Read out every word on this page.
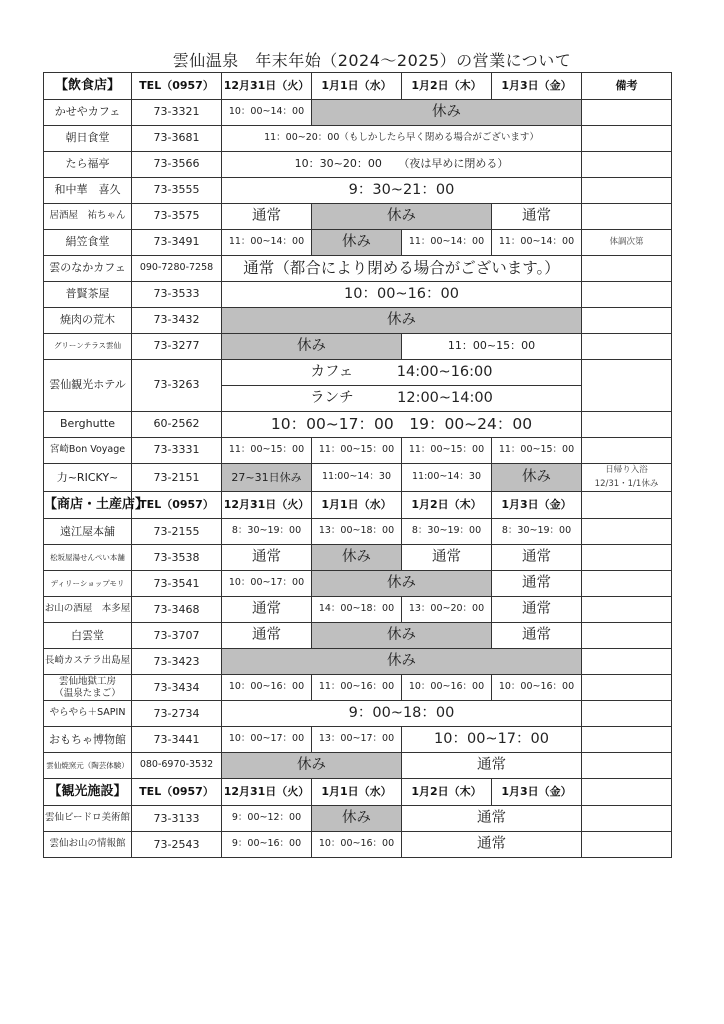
雲仙温泉　年末年始（2024～2025）の営業について
【飲食店】	TEL（0957）	12月31日（火）	1月1日（水）	1月2日（木）	1月3日（金）	備考
かせやカフェ	73-3321	10：00~14：00	休み			
朝日食堂	73-3681	11：00~20：00（もしかしたら早く閉める場合がございます）				
たら福亭	73-3566	10：30~20：00　　（夜は早めに閉める）				
和中華　喜久	73-3555	9：30~21：00				
居酒屋　祐ちゃん	73-3575	通常	休み		通常	
絹笠食堂	73-3491	11：00~14：00	休み	11：00~14：00	11：00~14：00	体調次第
雲のなかカフェ	090-7280-7258	通常（都合により閉める場合がございます。）				
普賢茶屋	73-3533	10：00~16：00				
焼肉の荒木	73-3432	休み				
グリーンテラス雲仙	73-3277	休み		11：00~15：00		
雲仙観光ホテル	73-3263	カフェ　　　14:00~16:00				
		ランチ　　　12:00~14:00				
Berghutte	60-2562	10：00~17：00　19：00~24：00				
宮崎Bon Voyage	73-3331	11：00~15：00	11：00~15：00	11：00~15：00	11：00~15：00	
力~RICKY~	73-2151	27~31日休み	11:00~14：30	11:00~14：30	休み	日帰り入浴
12/31・1/1休み
【商店・土産店】	TEL（0957）	12月31日（火）	1月1日（水）	1月2日（木）	1月3日（金）	
遠江屋本舗	73-2155	8：30~19：00	13：00~18：00	8：30~19：00	8：30~19：00	
松坂屋湯せんぺい本舗	73-3538	通常	休み	通常	通常	
ディリーショップモリ	73-3541	10：00~17：00	休み		通常	
お山の酒屋　本多屋	73-3468	通常	14：00~18：00	13：00~20：00	通常	
白雲堂	73-3707	通常	休み		通常	
長崎カステラ出島屋	73-3423	休み				
雲仙地獄工房
（温泉たまご）	73-3434	10：00~16：00	11：00~16：00	10：00~16：00	10：00~16：00	
やらやら＋SAPIN	73-2734	9：00~18：00				
おもちゃ博物館	73-3441	10：00~17：00	13：00~17：00	10：00~17：00		
雲仙焼窯元（陶芸体験）	080-6970-3532	休み		通常		
【観光施設】	TEL（0957）	12月31日（火）	1月1日（水）	1月2日（木）	1月3日（金）	
雲仙ビードロ美術館	73-3133	9：00~12：00	休み	通常		
雲仙お山の情報館	73-2543	9：00~16：00	10：00~16：00	通常		
